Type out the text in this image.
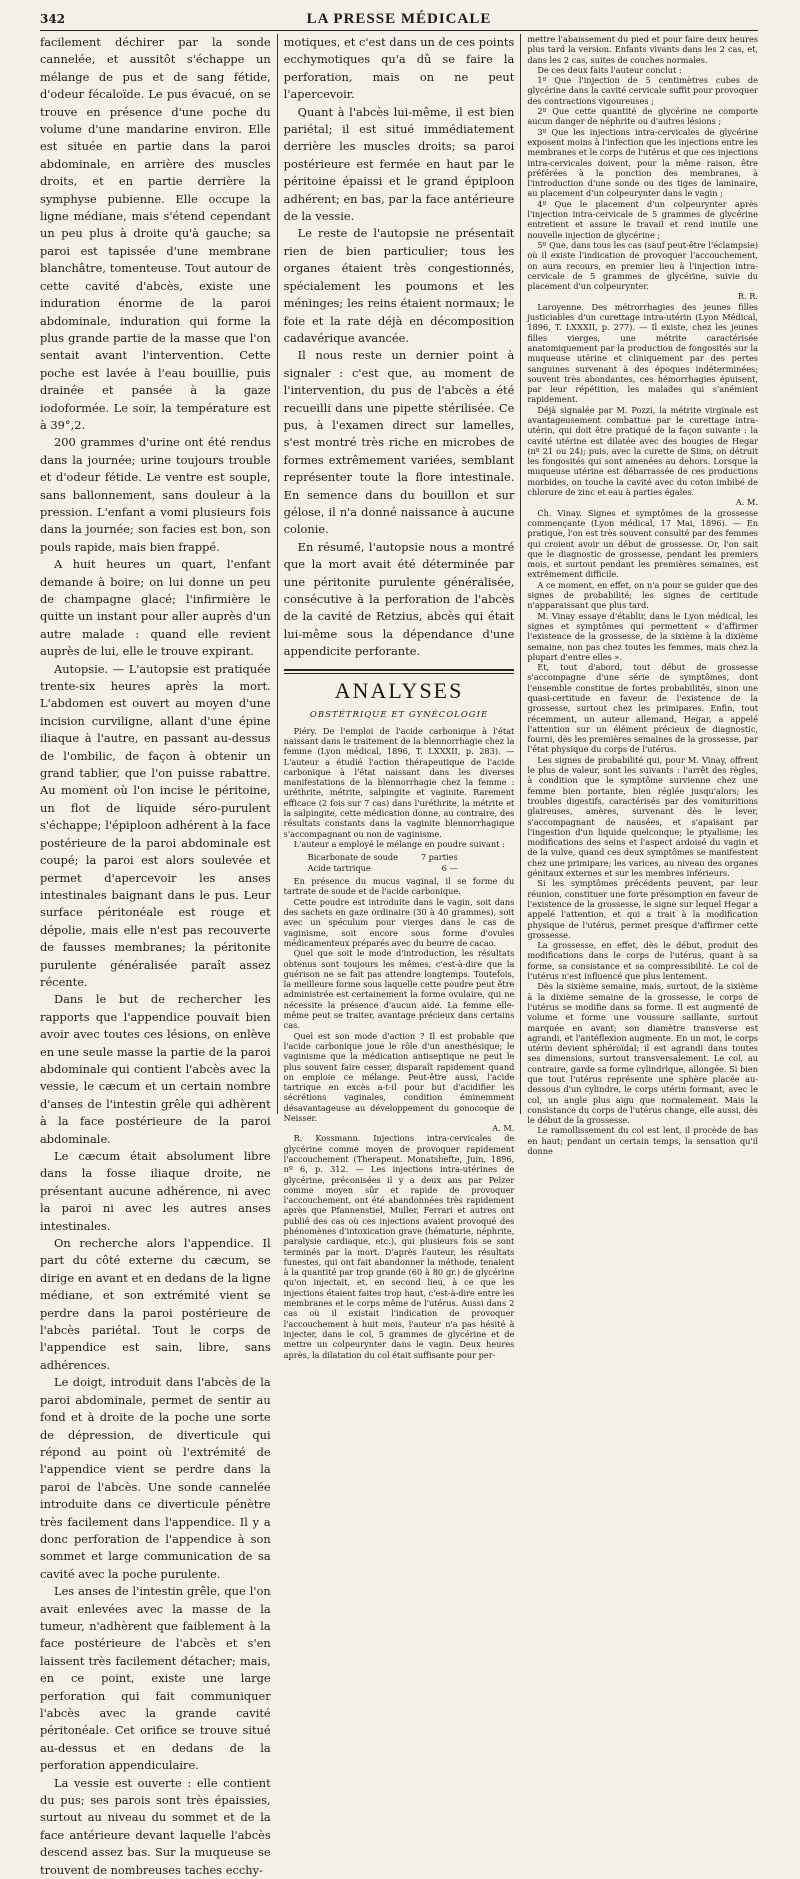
342	LA PRESSE MÉDICALE

facilement déchirer par la sonde cannelée, et aussitôt s'échappe un mélange de pus et de sang fétide, d'odeur fécaloïde. Le pus évacué, on se trouve en présence d'une poche du volume d'une mandarine environ. Elle est située en partie dans la paroi abdominale, en arrière des muscles droits, et en partie derrière la symphyse pubienne. Elle occupe la ligne médiane, mais s'étend cependant un peu plus à droite qu'à gauche; sa paroi est tapissée d'une membrane blanchâtre, tomenteuse. Tout autour de cette cavité d'abcès, existe une induration énorme de la paroi abdominale, induration qui forme la plus grande partie de la masse que l'on sentait avant l'intervention. Cette poche est lavée à l'eau bouillie, puis drainée et pansée à la gaze iodoformée. Le soir, la température est à 39°,2.

200 grammes d'urine ont été rendus dans la journée; urine toujours trouble et d'odeur fétide. Le ventre est souple, sans ballonnement, sans douleur à la pression. L'enfant a vomi plusieurs fois dans la journée; son facies est bon, son pouls rapide, mais bien frappé.

A huit heures un quart, l'enfant demande à boire; on lui donne un peu de champagne glacé; l'infirmière le quitte un instant pour aller auprès d'un autre malade : quand elle revient auprès de lui, elle le trouve expirant.

Autopsie. — L'autopsie est pratiquée trente-six heures après la mort. L'abdomen est ouvert au moyen d'une incision curviligne, allant d'une épine iliaque à l'autre, en passant au-dessus de l'ombilic, de façon à obtenir un grand tablier, que l'on puisse rabattre. Au moment où l'on incise le péritoine, un flot de liquide séro-purulent s'échappe; l'épiploon adhérent à la face postérieure de la paroi abdominale est coupé; la paroi est alors soulevée et permet d'apercevoir les anses intestinales baignant dans le pus. Leur surface péritonéale est rouge et dépolie, mais elle n'est pas recouverte de fausses membranes; la péritonite purulente généralisée paraît assez récente.

Dans le but de rechercher les rapports que l'appendice pouvait bien avoir avec toutes ces lésions, on enlève en une seule masse la partie de la paroi abdominale qui contient l'abcès avec la vessie, le cæcum et un certain nombre d'anses de l'intestin grêle qui adhèrent à la face postérieure de la paroi abdominale.

Le cæcum était absolument libre dans la fosse iliaque droite, ne présentant aucune adhérence, ni avec la paroi ni avec les autres anses intestinales.

On recherche alors l'appendice. Il part du côté externe du cæcum, se dirige en avant et en dedans de la ligne médiane, et son extrémité vient se perdre dans la paroi postérieure de l'abcès pariétal. Tout le corps de l'appendice est sain, libre, sans adhérences.

Le doigt, introduit dans l'abcès de la paroi abdominale, permet de sentir au fond et à droite de la poche une sorte de dépression, de diverticule qui répond au point où l'extrémité de l'appendice vient se perdre dans la paroi de l'abcès. Une sonde cannelée introduite dans ce diverticule pénètre très facilement dans l'appendice. Il y a donc perforation de l'appendice à son sommet et large communication de sa cavité avec la poche purulente.

Les anses de l'intestin grêle, que l'on avait enlevées avec la masse de la tumeur, n'adhèrent que faiblement à la face postérieure de l'abcès et s'en laissent très facilement détacher; mais, en ce point, existe une large perforation qui fait communiquer l'abcès avec la grande cavité péritonéale. Cet orifice se trouve situé au-dessus et en dedans de la perforation appendiculaire.

La vessie est ouverte : elle contient du pus; ses parois sont très épaissies, surtout au niveau du sommet et de la face antérieure devant laquelle l'abcès descend assez bas. Sur la muqueuse se trouvent de nombreuses taches ecchy-

motiques, et c'est dans un de ces points ecchymotiques qu'a dû se faire la perforation, mais on ne peut l'apercevoir.

Quant à l'abcès lui-même, il est bien pariétal; il est situé immédiatement derrière les muscles droits; sa paroi postérieure est fermée en haut par le péritoine épaissi et le grand épiploon adhérent; en bas, par la face antérieure de la vessie.

Le reste de l'autopsie ne présentait rien de bien particulier; tous les organes étaient très congestionnés, spécialement les poumons et les méninges; les reins étaient normaux; le foie et la rate déjà en décomposition cadavérique avancée.

Il nous reste un dernier point à signaler : c'est que, au moment de l'intervention, du pus de l'abcès a été recueilli dans une pipette stérilisée. Ce pus, à l'examen direct sur lamelles, s'est montré très riche en microbes de formes extrêmement variées, semblant représenter toute la flore intestinale. En semence dans du bouillon et sur gélose, il n'a donné naissance à aucune colonie.

En résumé, l'autopsie nous a montré que la mort avait été déterminée par une péritonite purulente généralisée, consécutive à la perforation de l'abcès de la cavité de Retzius, abcès qui était lui-même sous la dépendance d'une appendicite perforante.

ANALYSES
OBSTÉTRIQUE ET GYNÉCOLOGIE

Piéry. De l'emploi de l'acide carbonique à l'état naissant dans le traitement de la blennorrhagie chez la femme (Lyon médical, 1896, T. LXXXII, p. 283). — L'auteur a étudié l'action thérapeutique de l'acide carbonique à l'état naissant dans les diverses manifestations de la blennorrhagie chez la femme : uréthrite, métrite, salpingite et vaginite. Rarement efficace (2 fois sur 7 cas) dans l'uréthrite, la métrite et la salpingite, cette médication donne, au contraire, des résultats constants dans la vaginite blennorrhagique s'accompagnant ou non de vaginisme.

L'auteur a employé le mélange en poudre suivant :

Bicarbonate de soude	7 parties
Acide tartrique	6 —

En présence du mucus vaginal, il se forme du tartrate de soude et de l'acide carbonique.

Cette poudre est introduite dans le vagin, soit dans des sachets en gaze ordinaire (30 à 40 grammes), soit avec un spéculum pour vierges dans le cas de vaginisme, soit encore sous forme d'ovules médicamenteux préparés avec du beurre de cacao.

Quel que soit le mode d'introduction, les résultats obtenus sont toujours les mêmes, c'est-à-dire que la guérison ne se fait pas attendre longtemps. Toutefois, la meilleure forme sous laquelle cette poudre peut être administrée est certainement la forme ovulaire, qui ne nécessite la présence d'aucun aide. La femme elle-même peut se traiter, avantage précieux dans certains cas.

Quel est son mode d'action ? Il est probable que l'acide carbonique joue le rôle d'un anesthésique; le vaginisme que la médication antiseptique ne peut le plus souvent faire cesser, disparaît rapidement quand on emploie ce mélange. Peut-être aussi, l'acide tartrique en excès a-t-il pour but d'acidifier les sécrétions vaginales, condition éminemment désavantageuse au développement du gonocoque de Neisser.

A. M.

R. Kossmann. Injections intra-cervicales de glycérine comme moyen de provoquer rapidement l'accouchement (Therapeut. Monatshefte, Juin, 1896, nº 6, p. 312. — Les injections intra-utérines de glycérine, préconisées il y a deux ans par Pelzer comme moyen sûr et rapide de provoquer l'accouchement, ont été abandonnées très rapidement après que Pfannenstiel, Muller, Ferrari et autres ont publié des cas où ces injections avaient provoqué des phénomènes d'intoxication grave (hématurie, néphrite, paralysie cardiaque, etc.), qui plusieurs fois se sont terminés par la mort. D'après l'auteur, les résultats funestes, qui ont fait abandonner la méthode, tenaient à la quantité par trop grande (60 à 80 gr.) de glycérine qu'on injectait, et, en second lieu, à ce que les injections étaient faites trop haut, c'est-à-dire entre les membranes et le corps même de l'utérus. Aussi dans 2 cas où il existait l'indication de provoquer l'accouchement à huit mois, l'auteur n'a pas hésité à injecter, dans le col, 5 grammes de glycérine et de mettre un colpeurynter dans le vagin. Deux heures après, la dilatation du col était suffisante pour per-

mettre l'abaissement du pied et pour faire deux heures plus tard la version. Enfants vivants dans les 2 cas, et, dans les 2 cas, suites de couches normales.

De ces deux faits l'auteur conclut :

1º Que l'injection de 5 centimètres cubes de glycérine dans la cavité cervicale suffit pour provoquer des contractions vigoureuses ;

2º Que cette quantité de glycérine ne comporte aucun danger de néphrite ou d'autres lésions ;

3º Que les injections intra-cervicales de glycérine exposent moins à l'infection que les injections entre les membranes et le corps de l'utérus et que ces injections intra-cervicales doivent, pour la même raison, être préférées à la ponction des membranes, à l'introduction d'une sonde ou des tiges de laminaire, au placement d'un colpeurynter dans le vagin ;

4º Que le placement d'un colpeurynter après l'injection intra-cervicale de 5 grammes de glycérine entretient et assure le travail et rend inutile une nouvelle injection de glycérine ;

5º Que, dans tous les cas (sauf peut-être l'éclampsie) où il existe l'indication de provoquer l'accouchement, on aura recours, en premier lieu à l'injection intra-cervicale de 5 grammes de glycérine, suivie du placement d'un colpeurynter.

R. R.

Laroyenne. Des métrorrhagies des jeunes filles justiciables d'un curettage intra-utérin (Lyon Médical, 1896, T. LXXXII, p. 277). — Il existe, chez les jeunes filles vierges, une métrite caractérisée anatomiquement par la production de fongosités sur la muqueuse utérine et cliniquement par des pertes sanguines survenant à des époques indéterminées; souvent très abondantes, ces hémorrhagies épuisent, par leur répétition, les malades qui s'anémient rapidement.

Déjà signalée par M. Pozzi, la métrite virginale est avantageusement combattue par le curettage intra-utérin, qui doit être pratiqué de la façon suivante : la cavité utérine est dilatée avec des bougies de Hegar (nº 21 ou 24); puis, avec la curette de Sims, on détruit les fongosités qui sont amenées au dehors. Lorsque la muqueuse utérine est débarrassée de ces productions morbides, on touche la cavité avec du coton imbibé de chlorure de zinc et eau à parties égales.

A. M.

Ch. Vinay. Signes et symptômes de la grossesse commençante (Lyon médical, 17 Mai, 1896). — En pratique, l'on est très souvent consulté par des femmes qui croient avoir un début de grossesse. Or, l'on sait que le diagnostic de grossesse, pendant les premiers mois, et surtout pendant les premières semaines, est extrêmement difficile.

A ce moment, en effet, on n'a pour se guider que des signes de probabilité; les signes de certitude n'apparaissant que plus tard.

M. Vinay essaye d'établir, dans le Lyon médical, les signes et symptômes qui permettent « d'affirmer l'existence de la grossesse, de la sixième à la dixième semaine, non pas chez toutes les femmes, mais chez la plupart d'entre elles ».

Et, tout d'abord, tout début de grossesse s'accompagne d'une série de symptômes, dont l'ensemble constitue de fortes probabilités, sinon une quasi-certitude en faveur de l'existence de la grossesse, surtout chez les primipares. Enfin, tout récemment, un auteur allemand, Hegar, a appelé l'attention sur un élément précieux de diagnostic, fourni, dès les premières semaines de la grossesse, par l'état physique du corps de l'utérus.

Les signes de probabilité qui, pour M. Vinay, offrent le plus de valeur, sont les suivants : l'arrêt des règles, à condition que le symptôme survienne chez une femme bien portante, bien réglée jusqu'alors; les troubles digestifs, caractérisés par des vomituritions glaireuses, amères, survenant dès le lever, s'accompagnant de nausées, et s'apaisant par l'ingestion d'un liquide quelconque; le ptyalisme; les modifications des seins et l'aspect ardoisé du vagin et de la vulve, quand ces deux symptômes se manifestent chez une primipare; les varices, au niveau des organes génitaux externes et sur les membres inférieurs.

Si les symptômes précédents peuvent, par leur réunion, constituer une forte présomption en faveur de l'existence de la grossesse, le signe sur lequel Hegar a appelé l'attention, et qui a trait à la modification physique de l'utérus, permet presque d'affirmer cette grossesse.

La grossesse, en effet, dès le début, produit des modifications dans le corps de l'utérus, quant à sa forme, sa consistance et sa compressibilité. Le col de l'utérus n'est influencé que plus lentement.

Dès la sixième semaine, mais, surtout, de la sixième à la dixième semaine de la grossesse, le corps de l'utérus se modifie dans sa forme. Il est augmenté de volume et forme une voussure saillante, surtout marquée en avant; son diamètre transverse est agrandi, et l'antéflexion augmente. En un mot, le corps utérin devient sphéroïdal; il est agrandi dans toutes ses dimensions, surtout transversalement. Le col, au contraire, garde sa forme cylindrique, allongée. Si bien que tout l'utérus représente une sphère placée au-dessous d'un cylindre, le corps utérin formant, avec le col, un angle plus aigu que normalement. Mais la consistance du corps de l'utérus change, elle aussi, dès le début de la grossesse.

Le ramollissement du col est lent, il procède de bas en haut; pendant un certain temps, la sensation qu'il donne
